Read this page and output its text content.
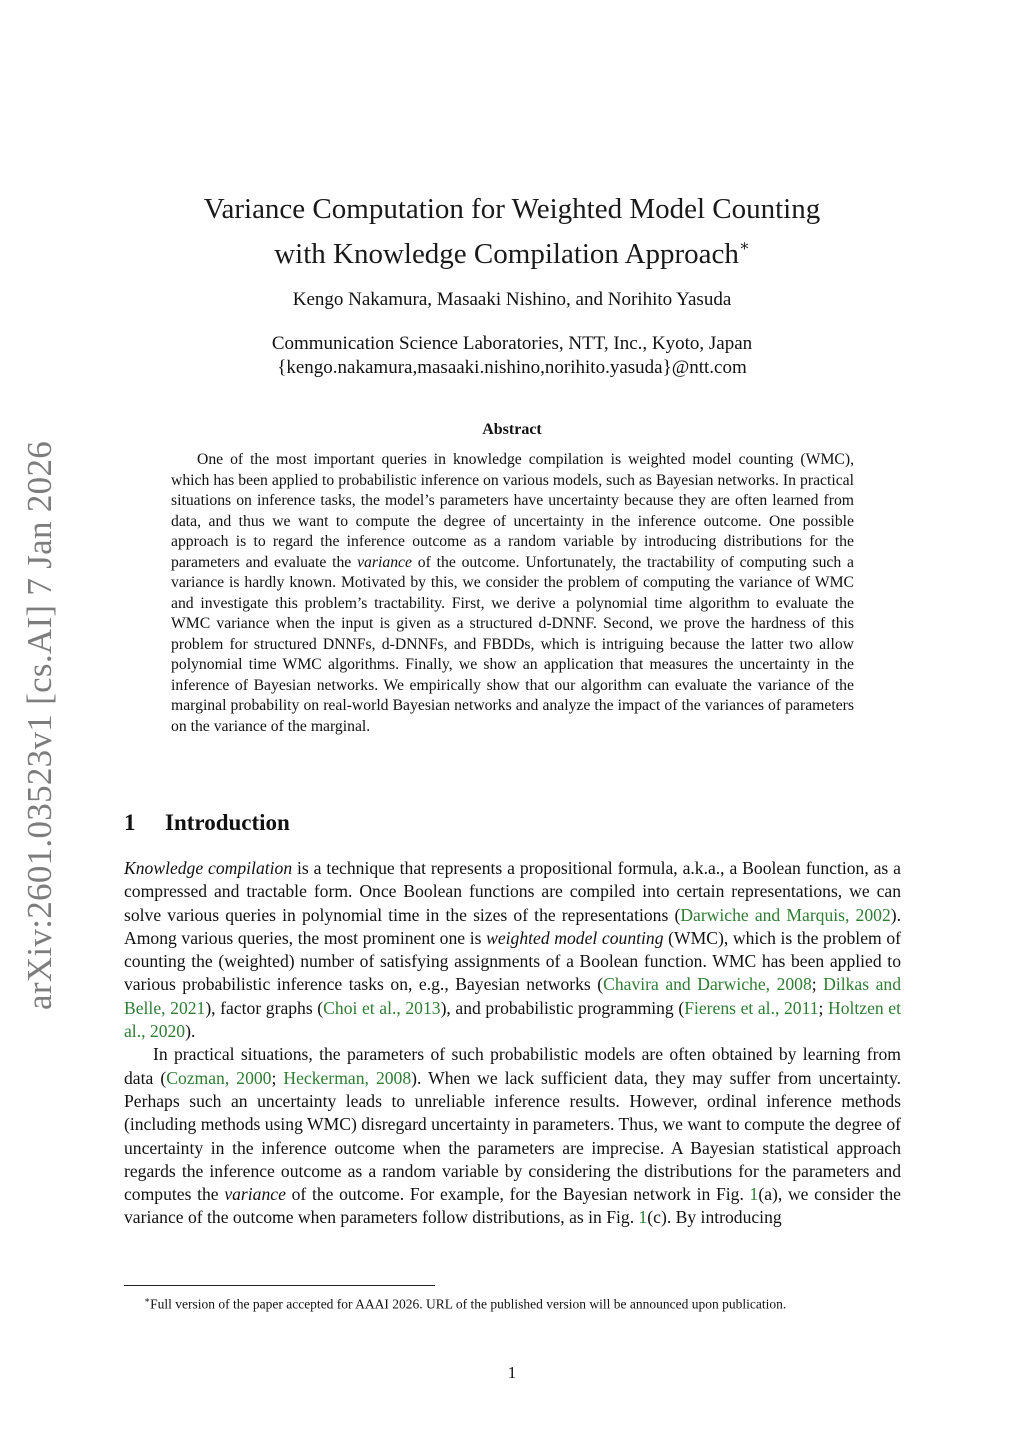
arXiv:2601.03523v1 [cs.AI] 7 Jan 2026
Variance Computation for Weighted Model Counting
with Knowledge Compilation Approach∗
Kengo Nakamura, Masaaki Nishino, and Norihito Yasuda
Communication Science Laboratories, NTT, Inc., Kyoto, Japan
{kengo.nakamura,masaaki.nishino,norihito.yasuda}@ntt.com
Abstract
One of the most important queries in knowledge compilation is weighted model counting (WMC), which has been applied to probabilistic inference on various models, such as Bayesian networks. In practical situations on inference tasks, the model’s parameters have uncertainty because they are often learned from data, and thus we want to compute the degree of uncertainty in the inference outcome. One possible approach is to regard the inference outcome as a random variable by introducing distributions for the parameters and evaluate the variance of the outcome. Unfortunately, the tractability of computing such a variance is hardly known. Motivated by this, we consider the problem of computing the variance of WMC and investigate this problem’s tractability. First, we derive a polynomial time algorithm to evaluate the WMC variance when the input is given as a structured d-DNNF. Second, we prove the hardness of this problem for structured DNNFs, d-DNNFs, and FBDDs, which is intriguing because the latter two allow polynomial time WMC algorithms. Finally, we show an application that measures the uncertainty in the inference of Bayesian networks. We empirically show that our algorithm can evaluate the variance of the marginal probability on real-world Bayesian networks and analyze the impact of the variances of parameters on the variance of the marginal.
1 Introduction

Knowledge compilation is a technique that represents a propositional formula, a.k.a., a Boolean function, as a compressed and tractable form. Once Boolean functions are compiled into certain representations, we can solve various queries in polynomial time in the sizes of the representations (Darwiche and Marquis, 2002). Among various queries, the most prominent one is weighted model counting (WMC), which is the problem of counting the (weighted) number of satisfying assignments of a Boolean function. WMC has been applied to various probabilistic inference tasks on, e.g., Bayesian networks (Chavira and Darwiche, 2008; Dilkas and Belle, 2021), factor graphs (Choi et al., 2013), and probabilistic programming (Fierens et al., 2011; Holtzen et al., 2020).

In practical situations, the parameters of such probabilistic models are often obtained by learning from data (Cozman, 2000; Heckerman, 2008). When we lack sufficient data, they may suffer from uncertainty. Perhaps such an uncertainty leads to unreliable inference results. However, ordinal inference methods (including methods using WMC) disregard uncertainty in parameters. Thus, we want to compute the degree of uncertainty in the inference outcome when the parameters are imprecise. A Bayesian statistical approach regards the inference outcome as a random variable by considering the distributions for the parameters and computes the variance of the outcome. For example, for the Bayesian network in Fig. 1(a), we consider the variance of the outcome when parameters follow distributions, as in Fig. 1(c). By introducing

∗Full version of the paper accepted for AAAI 2026. URL of the published version will be announced upon publication.
1
